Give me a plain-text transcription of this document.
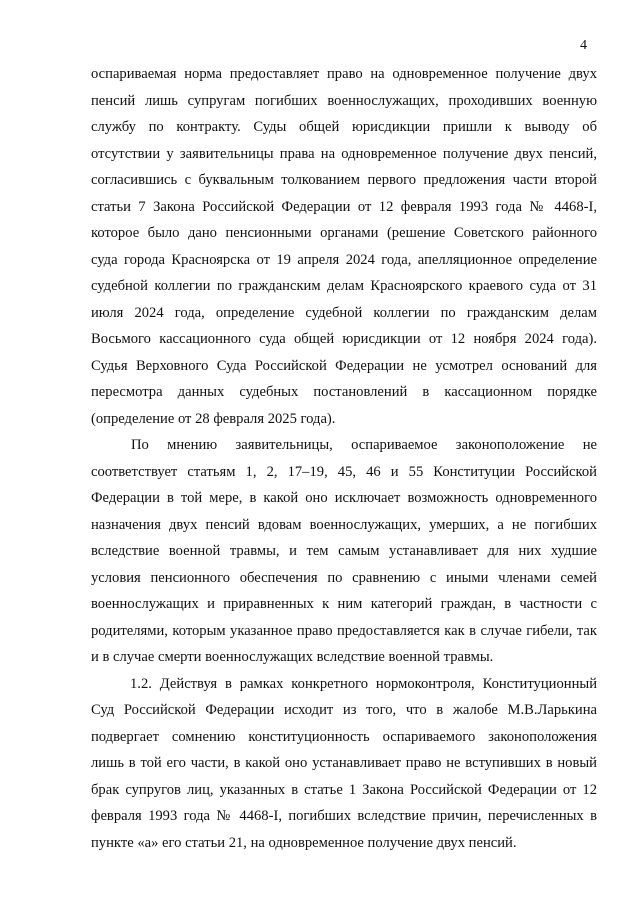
4
оспариваемая норма предоставляет право на одновременное получение двух
пенсий лишь супругам погибших военнослужащих, проходивших военную
службу по контракту. Суды общей юрисдикции пришли к выводу об
отсутствии у заявительницы права на одновременное получение двух пенсий,
согласившись с буквальным толкованием первого предложения части второй
статьи 7 Закона Российской Федерации от 12 февраля 1993 года № 4468-I,
которое было дано пенсионными органами (решение Советского районного
суда города Красноярска от 19 апреля 2024 года, апелляционное определение
судебной коллегии по гражданским делам Красноярского краевого суда от 31
июля 2024 года, определение судебной коллегии по гражданским делам
Восьмого кассационного суда общей юрисдикции от 12 ноября 2024 года).
Судья Верховного Суда Российской Федерации не усмотрел оснований для
пересмотра данных судебных постановлений в кассационном порядке
(определение от 28 февраля 2025 года).
По мнению заявительницы, оспариваемое законоположение не
соответствует статьям 1, 2, 17–19, 45, 46 и 55 Конституции Российской
Федерации в той мере, в какой оно исключает возможность одновременного
назначения двух пенсий вдовам военнослужащих, умерших, а не погибших
вследствие военной травмы, и тем самым устанавливает для них худшие
условия пенсионного обеспечения по сравнению с иными членами семей
военнослужащих и приравненных к ним категорий граждан, в частности с
родителями, которым указанное право предоставляется как в случае гибели, так
и в случае смерти военнослужащих вследствие военной травмы.
1.2. Действуя в рамках конкретного нормоконтроля, Конституционный
Суд Российской Федерации исходит из того, что в жалобе М.В.Ларькина
подвергает сомнению конституционность оспариваемого законоположения
лишь в той его части, в какой оно устанавливает право не вступивших в новый
брак супругов лиц, указанных в статье 1 Закона Российской Федерации от 12
февраля 1993 года № 4468-I, погибших вследствие причин, перечисленных в
пункте «а» его статьи 21, на одновременное получение двух пенсий.
